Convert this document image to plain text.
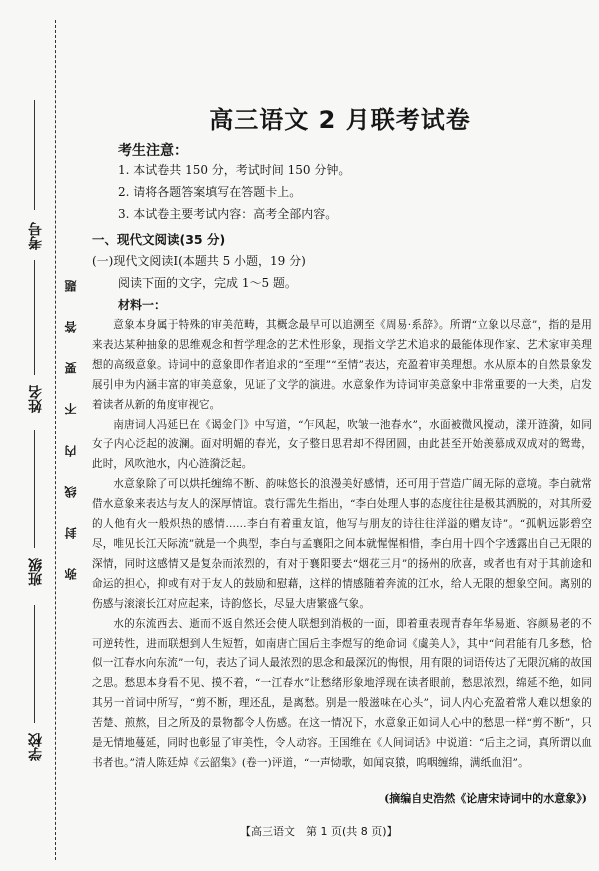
考号
姓名
班级
学校
弥
封
线
内
不
要
答
题
高三语文 2 月联考试卷
考生注意：
1. 本试卷共 150 分，考试时间 150 分钟。
2. 请将各题答案填写在答题卡上。
3. 本试卷主要考试内容：高考全部内容。
一、现代文阅读(35 分)
(一)现代文阅读Ⅰ(本题共 5 小题，19 分)
阅读下面的文字，完成 1～5 题。
材料一：

意象本身属于特殊的审美范畴，其概念最早可以追溯至《周易·系辞》。所谓“立象以尽意”，指的是用来表达某种抽象的思维观念和哲学理念的艺术性形象，现指文学艺术追求的最能体现作家、艺术家审美理想的高级意象。诗词中的意象即作者追求的“至理”“至情”表达，充盈着审美理想。水从原本的自然景象发展引申为内涵丰富的审美意象，见证了文学的演进。水意象作为诗词审美意象中非常重要的一大类，启发着读者从新的角度审视它。

南唐词人冯延巳在《谒金门》中写道，“乍风起，吹皱一池春水”，水面被微风搅动，漾开涟漪，如同女子内心泛起的波澜。面对明媚的春光，女子整日思君却不得团圆，由此甚至开始羡慕成双成对的鸳鸯，此时，风吹池水，内心涟漪泛起。

水意象除了可以烘托缠绵不断、韵味悠长的浪漫美好感情，还可用于营造广阔无际的意境。李白就常借水意象来表达与友人的深厚情谊。袁行霈先生指出，“李白处理人事的态度往往是极其洒脱的，对其所爱的人他有火一般炽热的感情……李白有着重友谊，他写与朋友的诗往往洋溢的赠友诗”。“孤帆远影碧空尽，唯见长江天际流”就是一个典型，李白与孟襄阳之间本就惺惺相惜，李白用十四个字透露出自己无限的深情，同时这感情又是复杂而浓烈的，有对于襄阳要去“烟花三月”的扬州的欣喜，或者也有对于其前途和命运的担心，抑或有对于友人的鼓励和慰藉，这样的情感随着奔流的江水，给人无限的想象空间。离别的伤感与滚滚长江对应起来，诗韵悠长，尽显大唐繁盛气象。

水的东流西去、逝而不返自然还会使人联想到消极的一面，即着重表现青春年华易逝、容颜易老的不可逆转性，进而联想到人生短暂，如南唐亡国后主李煜写的绝命词《虞美人》，其中“问君能有几多愁，恰似一江春水向东流”一句，表达了词人最浓烈的思念和最深沉的悔恨，用有限的词语传达了无限沉痛的故国之思。愁思本身看不见、摸不着，“一江春水”让愁绪形象地浮现在读者眼前，愁思浓烈，绵延不绝，如同其另一首词中所写，“剪不断，理还乱，是离愁。别是一般滋味在心头”，词人内心充盈着常人难以想象的苦楚、煎熬，目之所及的景物都令人伤感。在这一情况下，水意象正如词人心中的愁思一样“剪不断”，只是无情地蔓延，同时也彰显了审美性，令人动容。王国维在《人间词话》中说道：“后主之词，真所谓以血书者也。”清人陈廷焯《云韶集》(卷一)评道，“一声恸歌，如闻哀猿，呜咽缠绵，满纸血泪”。

(摘编自史浩然《论唐宋诗词中的水意象》)
【高三语文　第 1 页(共 8 页)】
